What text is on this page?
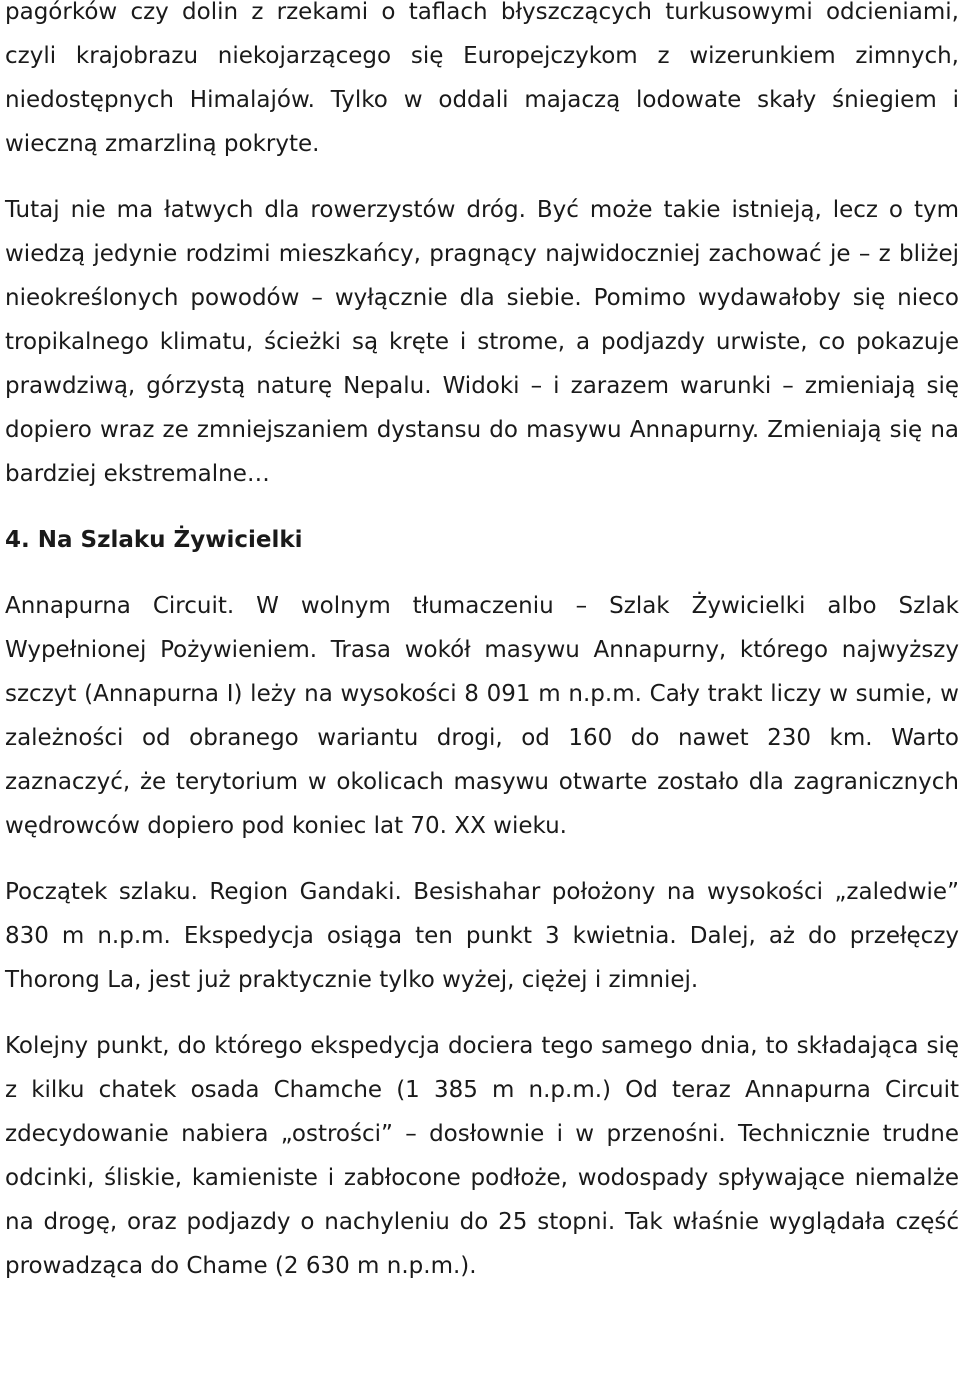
pagórków czy dolin z rzekami o taflach błyszczących turkusowymi odcieniami, czyli krajobrazu niekojarzącego się Europejczykom z wizerunkiem zimnych, niedostępnych Himalajów. Tylko w oddali majaczą lodowate skały śniegiem i wieczną zmarzliną pokryte.

Tutaj nie ma łatwych dla rowerzystów dróg. Być może takie istnieją, lecz o tym wiedzą jedynie rodzimi mieszkańcy, pragnący najwidoczniej zachować je – z bliżej nieokreślonych powodów – wyłącznie dla siebie. Pomimo wydawałoby się nieco tropikalnego klimatu, ścieżki są kręte i strome, a podjazdy urwiste, co pokazuje prawdziwą, górzystą naturę Nepalu. Widoki – i zarazem warunki – zmieniają się dopiero wraz ze zmniejszaniem dystansu do masywu Annapurny. Zmieniają się na bardziej ekstremalne…

4. Na Szlaku Żywicielki

Annapurna Circuit. W wolnym tłumaczeniu – Szlak Żywicielki albo Szlak Wypełnionej Pożywieniem. Trasa wokół masywu Annapurny, którego najwyższy szczyt (Annapurna I) leży na wysokości 8 091 m n.p.m. Cały trakt liczy w sumie, w zależności od obranego wariantu drogi, od 160 do nawet 230 km. Warto zaznaczyć, że terytorium w okolicach masywu otwarte zostało dla zagranicznych wędrowców dopiero pod koniec lat 70. XX wieku.

Początek szlaku. Region Gandaki. Besishahar położony na wysokości „zaledwie” 830 m n.p.m. Ekspedycja osiąga ten punkt 3 kwietnia. Dalej, aż do przełęczy Thorong La, jest już praktycznie tylko wyżej, ciężej i zimniej.

Kolejny punkt, do którego ekspedycja dociera tego samego dnia, to składająca się z kilku chatek osada Chamche (1 385 m n.p.m.) Od teraz Annapurna Circuit zdecydowanie nabiera „ostrości” – dosłownie i w przenośni. Technicznie trudne odcinki, śliskie, kamieniste i zabłocone podłoże, wodospady spływające niemalże na drogę, oraz podjazdy o nachyleniu do 25 stopni. Tak właśnie wyglądała część prowadząca do Chame (2 630 m n.p.m.).
